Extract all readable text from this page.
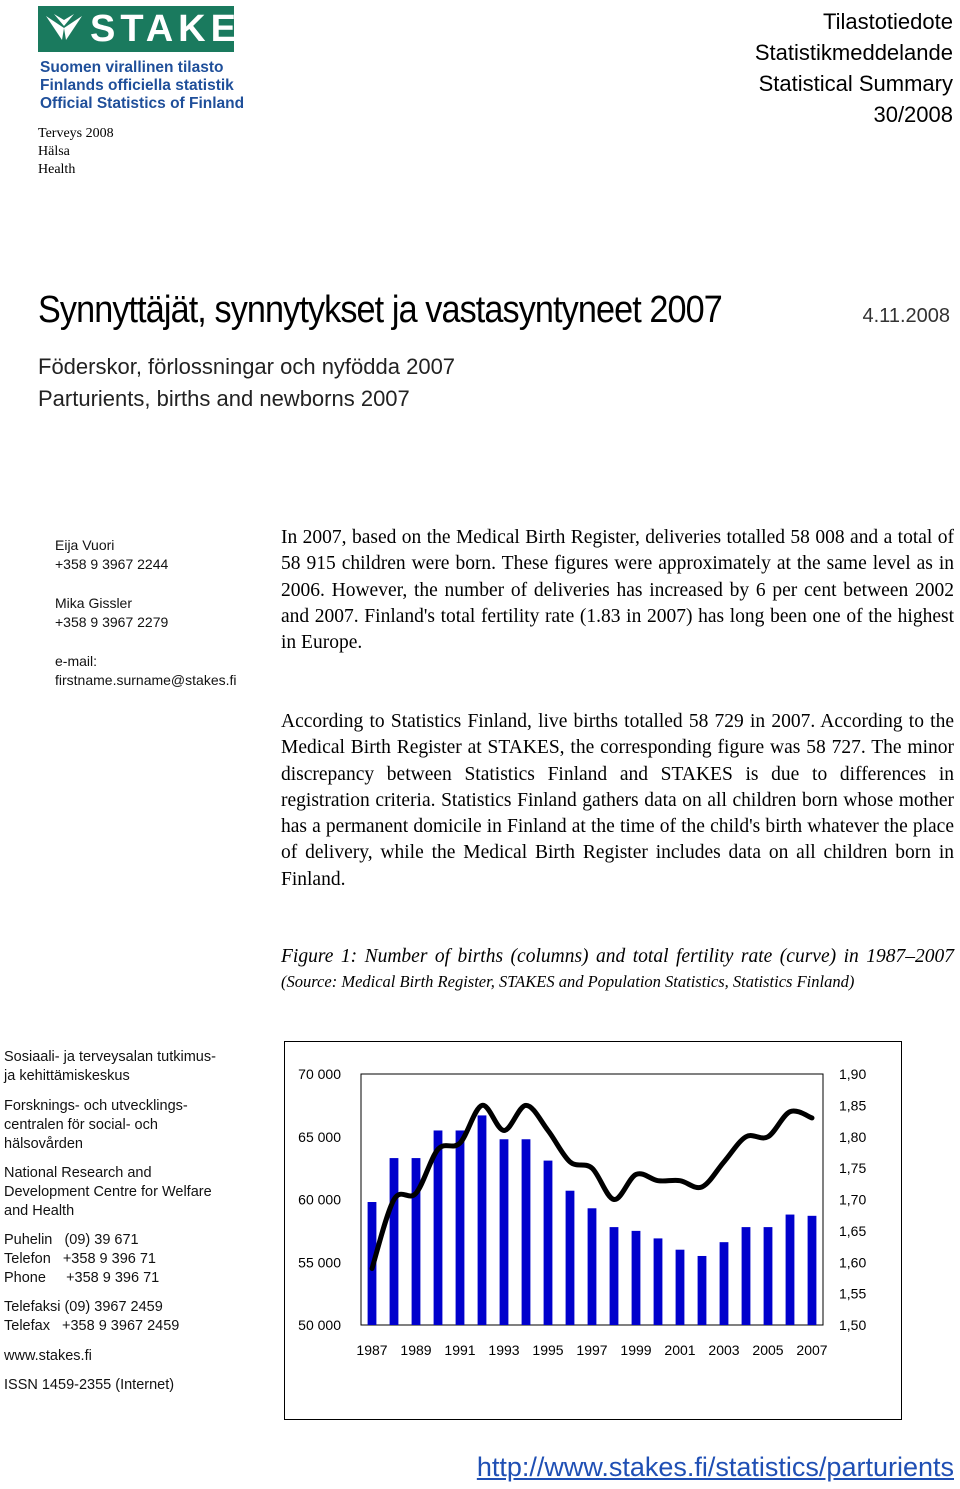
STAKES
Suomen virallinen tilasto
Finlands officiella statistik
Official Statistics of Finland
Terveys 2008
Hälsa
Health
Tilastotiedote
Statistikmeddelande
Statistical Summary
30/2008
Synnyttäjät, synnytykset ja vastasyntyneet 2007	4.11.2008
Föderskor, förlossningar och nyfödda 2007
Parturients, births and newborns 2007
Eija Vuori
+358 9 3967 2244
Mika Gissler
+358 9 3967 2279
e-mail:
firstname.surname@stakes.fi
In 2007, based on the Medical Birth Register, deliveries totalled 58 008 and a total of 58 915 children were born. These figures were approximately at the same level as in 2006. However, the number of deliveries has increased by 6 per cent between 2002 and 2007. Finland's total fertility rate (1.83 in 2007) has long been one of the highest in Europe.
According to Statistics Finland, live births totalled 58 729 in 2007. According to the Medical Birth Register at STAKES, the corresponding figure was 58 727. The minor discrepancy between Statistics Finland and STAKES is due to differences in registration criteria. Statistics Finland gathers data on all children born whose mother has a permanent domicile in Finland at the time of the child's birth whatever the place of delivery, while the Medical Birth Register includes data on all children born in Finland.
Figure 1: Number of births (columns) and total fertility rate (curve) in 1987–2007 (Source: Medical Birth Register, STAKES and Population Statistics, Statistics Finland)
Sosiaali- ja terveysalan tutkimus-
ja kehittämiskeskus
Forsknings- och utvecklings-
centralen för social- och
hälsovården
National Research and
Development Centre for Welfare
and Health
Puhelin   (09) 39 671
Telefon   +358 9 396 71
Phone     +358 9 396 71
Telefaksi (09) 3967 2459
Telefax   +358 9 3967 2459
www.stakes.fi
ISSN 1459-2355 (Internet)
70 000
65 000
60 000
55 000
50 000
1,90
1,85
1,80
1,75
1,70
1,65
1,60
1,55
1,50
1987 1989 1991 1993 1995 1997 1999 2001 2003 2005 2007
http://www.stakes.fi/statistics/parturients
